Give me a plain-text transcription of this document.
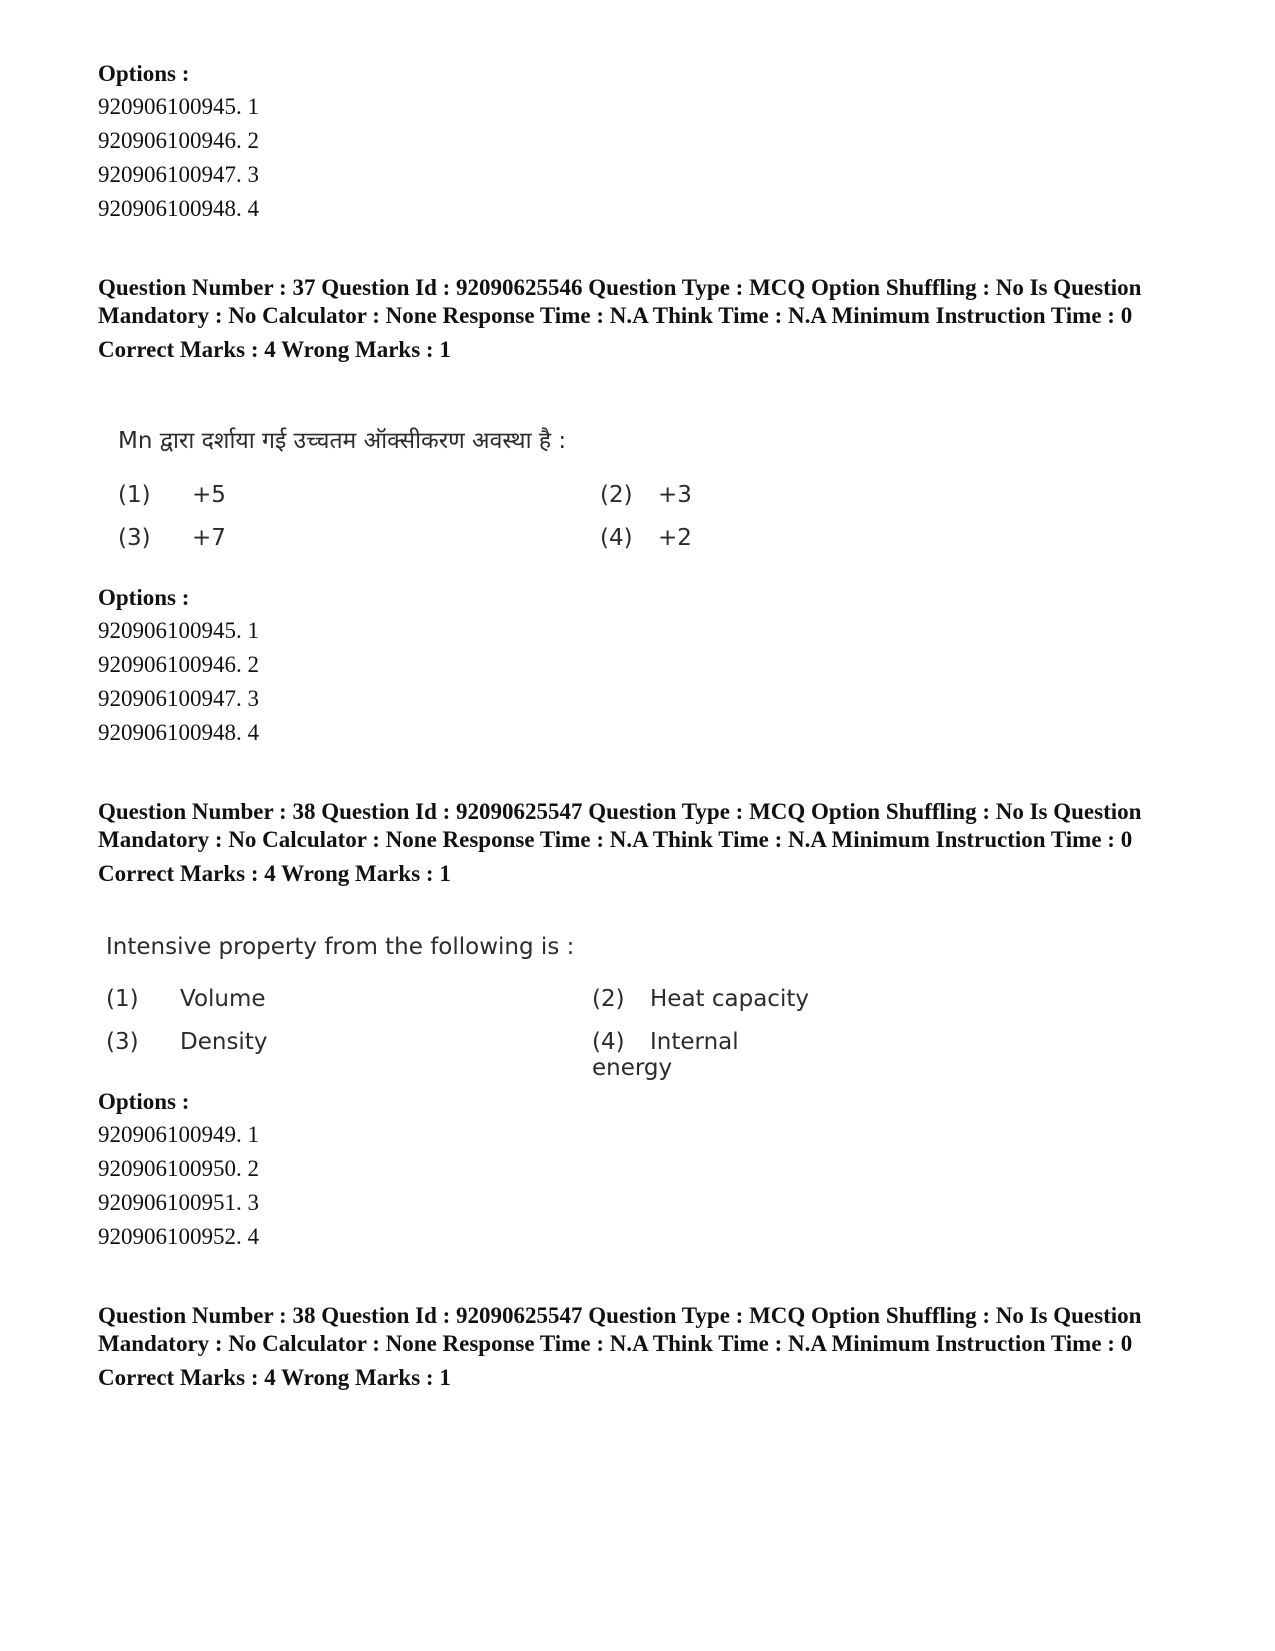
Options :
920906100945. 1
920906100946. 2
920906100947. 3
920906100948. 4
Question Number : 37 Question Id : 92090625546 Question Type : MCQ Option Shuffling : No Is Question Mandatory : No Calculator : None Response Time : N.A Think Time : N.A Minimum Instruction Time : 0
Correct Marks : 4 Wrong Marks : 1
Mn द्वारा दर्शाया गई उच्चतम ऑक्सीकरण अवस्था है :
(1) +5	(2) +3
(3) +7	(4) +2
Options :
920906100945. 1
920906100946. 2
920906100947. 3
920906100948. 4
Question Number : 38 Question Id : 92090625547 Question Type : MCQ Option Shuffling : No Is Question Mandatory : No Calculator : None Response Time : N.A Think Time : N.A Minimum Instruction Time : 0
Correct Marks : 4 Wrong Marks : 1
Intensive property from the following is :
(1) Volume	(2) Heat capacity
(3) Density	(4) Internal energy
Options :
920906100949. 1
920906100950. 2
920906100951. 3
920906100952. 4
Question Number : 38 Question Id : 92090625547 Question Type : MCQ Option Shuffling : No Is Question Mandatory : No Calculator : None Response Time : N.A Think Time : N.A Minimum Instruction Time : 0
Correct Marks : 4 Wrong Marks : 1
